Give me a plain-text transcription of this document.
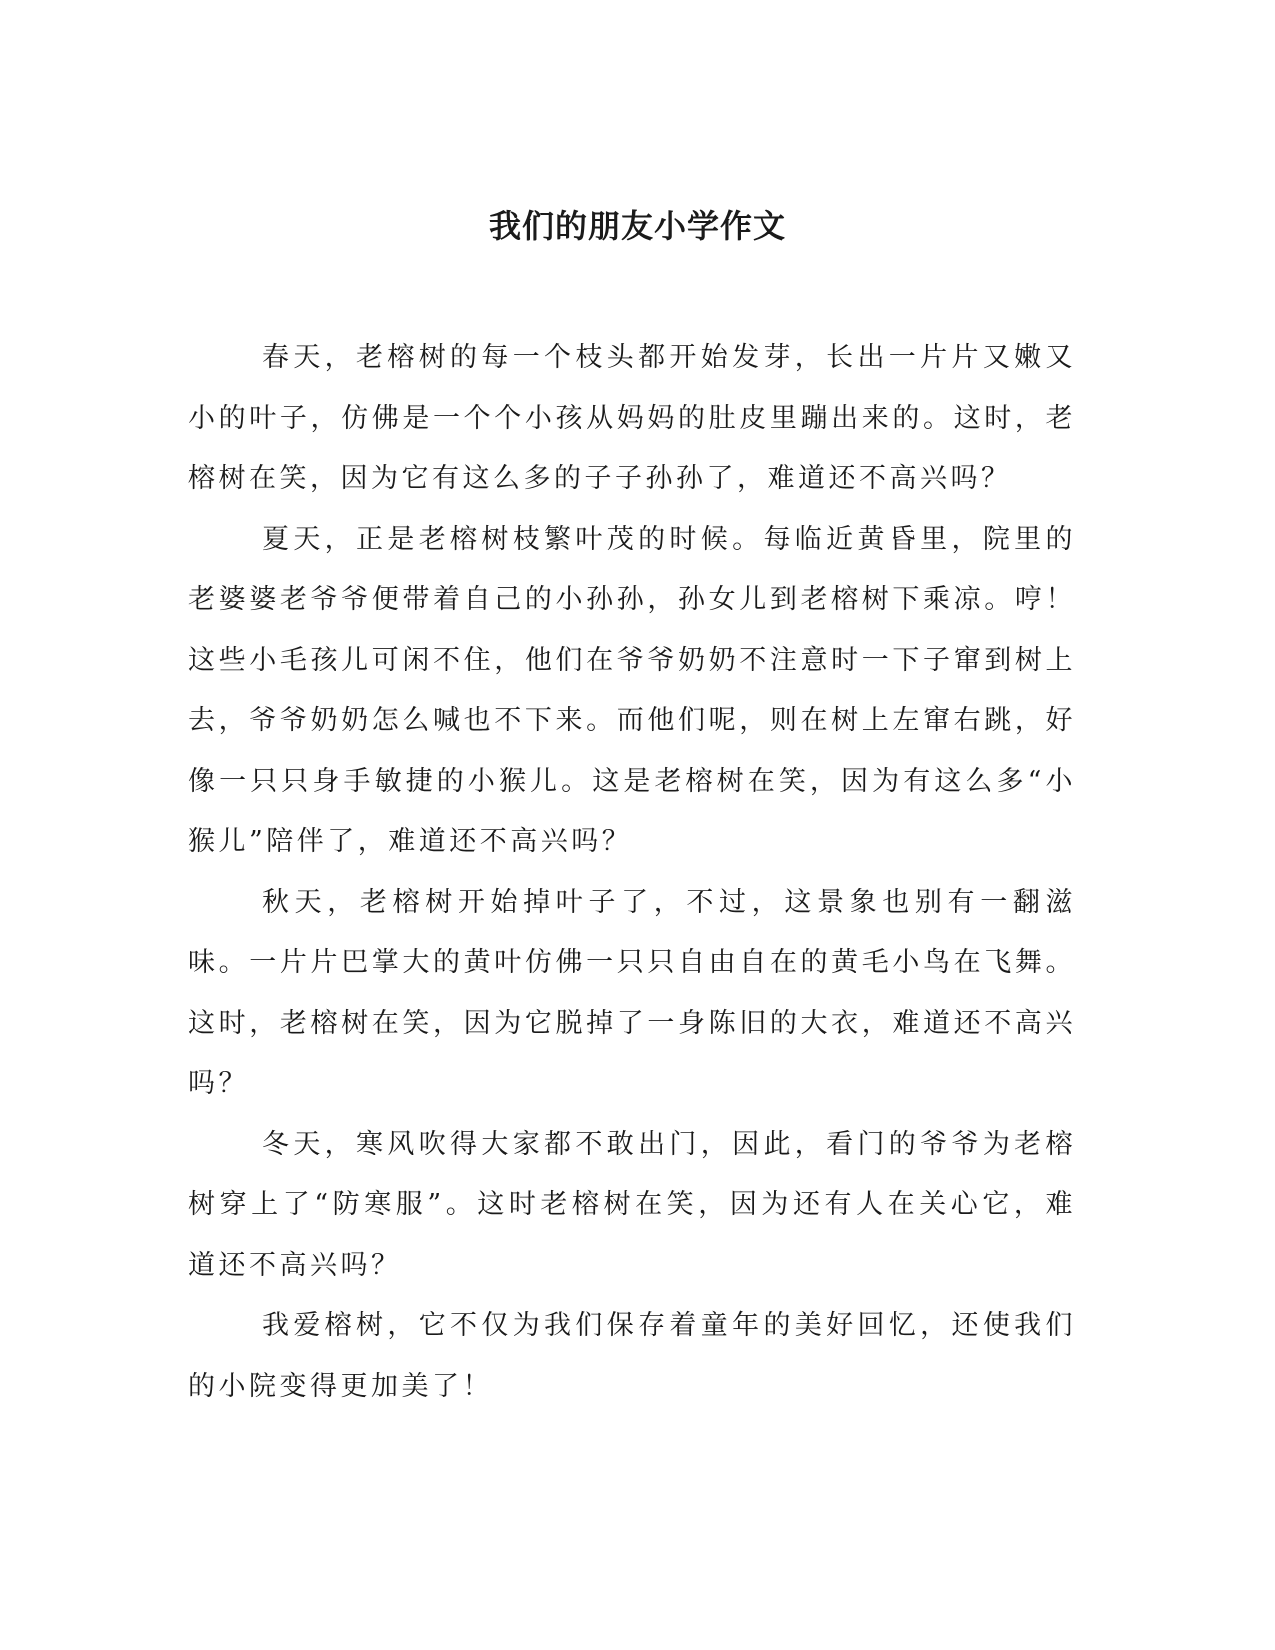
我们的朋友小学作文

春天，老榕树的每一个枝头都开始发芽，长出一片片又嫩又小的叶子，仿佛是一个个小孩从妈妈的肚皮里蹦出来的。这时，老榕树在笑，因为它有这么多的子子孙孙了，难道还不高兴吗？

夏天，正是老榕树枝繁叶茂的时候。每临近黄昏里，院里的老婆婆老爷爷便带着自己的小孙孙，孙女儿到老榕树下乘凉。哼！这些小毛孩儿可闲不住，他们在爷爷奶奶不注意时一下子窜到树上去，爷爷奶奶怎么喊也不下来。而他们呢，则在树上左窜右跳，好像一只只身手敏捷的小猴儿。这是老榕树在笑，因为有这么多“小猴儿”陪伴了，难道还不高兴吗？

秋天，老榕树开始掉叶子了，不过，这景象也别有一翻滋味。一片片巴掌大的黄叶仿佛一只只自由自在的黄毛小鸟在飞舞。这时，老榕树在笑，因为它脱掉了一身陈旧的大衣，难道还不高兴吗？

冬天，寒风吹得大家都不敢出门，因此，看门的爷爷为老榕树穿上了“防寒服”。这时老榕树在笑，因为还有人在关心它，难道还不高兴吗？

我爱榕树，它不仅为我们保存着童年的美好回忆，还使我们的小院变得更加美了！
